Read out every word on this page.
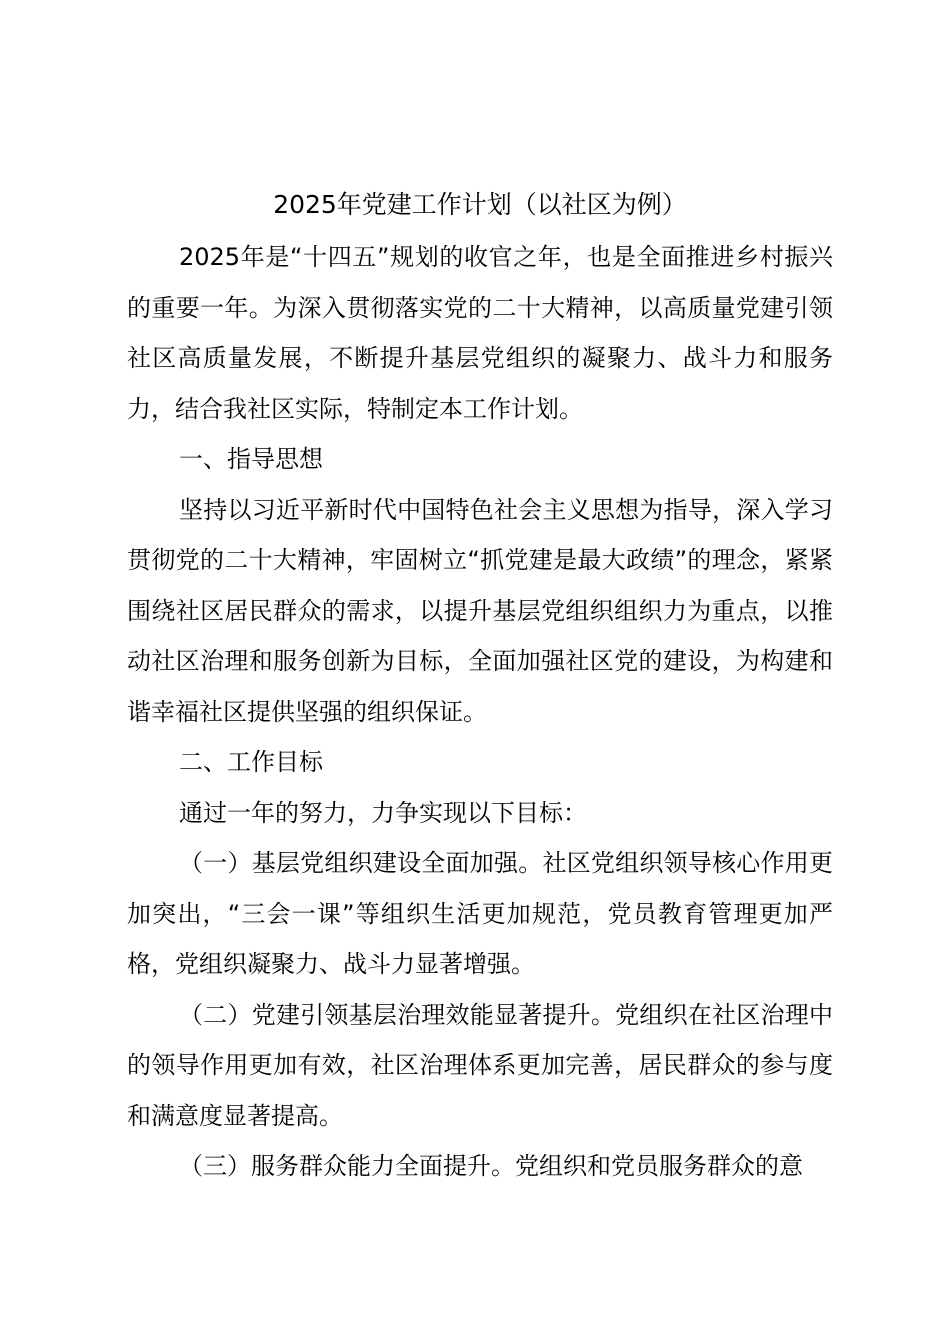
2025年党建工作计划（以社区为例）

2025年是“十四五”规划的收官之年，也是全面推进乡村振兴的重要一年。为深入贯彻落实党的二十大精神，以高质量党建引领社区高质量发展，不断提升基层党组织的凝聚力、战斗力和服务力，结合我社区实际，特制定本工作计划。

一、指导思想

坚持以习近平新时代中国特色社会主义思想为指导，深入学习贯彻党的二十大精神，牢固树立“抓党建是最大政绩”的理念，紧紧围绕社区居民群众的需求，以提升基层党组织组织力为重点，以推动社区治理和服务创新为目标，全面加强社区党的建设，为构建和谐幸福社区提供坚强的组织保证。

二、工作目标

通过一年的努力，力争实现以下目标：

（一）基层党组织建设全面加强。社区党组织领导核心作用更加突出，“三会一课”等组织生活更加规范，党员教育管理更加严格，党组织凝聚力、战斗力显著增强。

（二）党建引领基层治理效能显著提升。党组织在社区治理中的领导作用更加有效，社区治理体系更加完善，居民群众的参与度和满意度显著提高。

（三）服务群众能力全面提升。党组织和党员服务群众的意
